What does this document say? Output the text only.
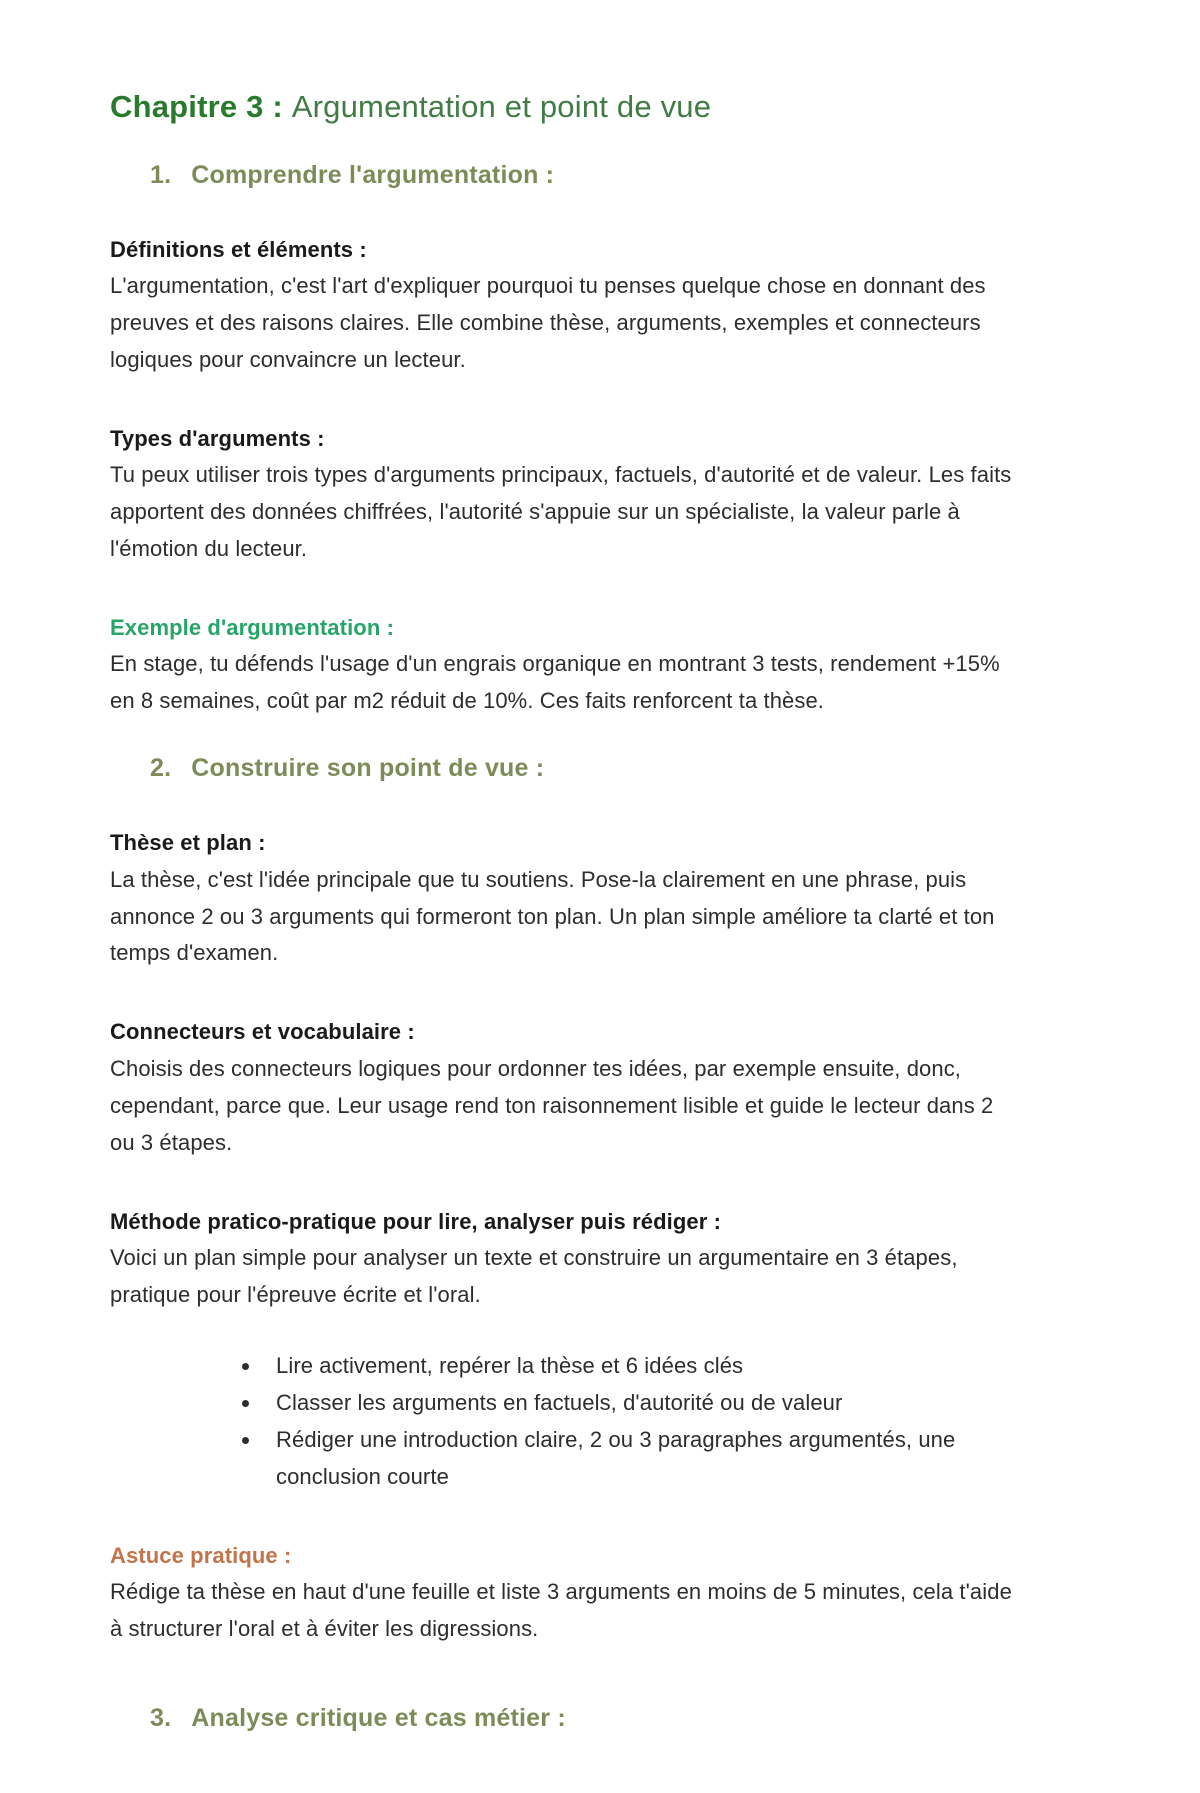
Chapitre 3 : Argumentation et point de vue
1. Comprendre l'argumentation :
Définitions et éléments :

L'argumentation, c'est l'art d'expliquer pourquoi tu penses quelque chose en donnant des preuves et des raisons claires. Elle combine thèse, arguments, exemples et connecteurs logiques pour convaincre un lecteur.

Types d'arguments :

Tu peux utiliser trois types d'arguments principaux, factuels, d'autorité et de valeur. Les faits apportent des données chiffrées, l'autorité s'appuie sur un spécialiste, la valeur parle à l'émotion du lecteur.

Exemple d'argumentation :

En stage, tu défends l'usage d'un engrais organique en montrant 3 tests, rendement +15% en 8 semaines, coût par m2 réduit de 10%. Ces faits renforcent ta thèse.

2. Construire son point de vue :
Thèse et plan :

La thèse, c'est l'idée principale que tu soutiens. Pose-la clairement en une phrase, puis annonce 2 ou 3 arguments qui formeront ton plan. Un plan simple améliore ta clarté et ton temps d'examen.

Connecteurs et vocabulaire :

Choisis des connecteurs logiques pour ordonner tes idées, par exemple ensuite, donc, cependant, parce que. Leur usage rend ton raisonnement lisible et guide le lecteur dans 2 ou 3 étapes.

Méthode pratico-pratique pour lire, analyser puis rédiger :

Voici un plan simple pour analyser un texte et construire un argumentaire en 3 étapes, pratique pour l'épreuve écrite et l'oral.

• Lire activement, repérer la thèse et 6 idées clés
• Classer les arguments en factuels, d'autorité ou de valeur
• Rédiger une introduction claire, 2 ou 3 paragraphes argumentés, une conclusion courte
Astuce pratique :

Rédige ta thèse en haut d'une feuille et liste 3 arguments en moins de 5 minutes, cela t'aide à structurer l'oral et à éviter les digressions.

3. Analyse critique et cas métier :
